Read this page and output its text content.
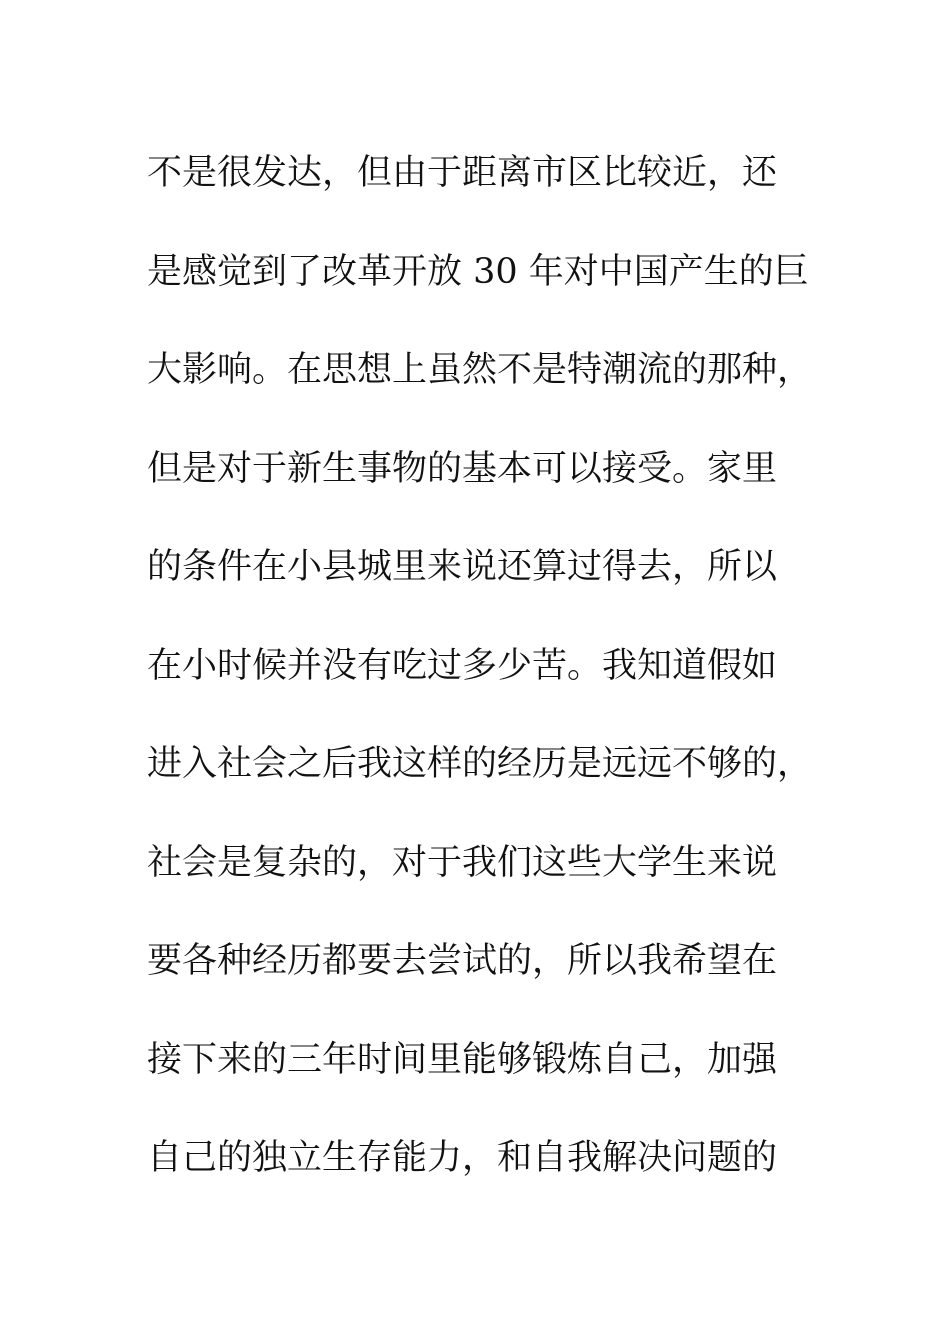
不是很发达，但由于距离市区比较近，还
是感觉到了改革开放 30 年对中国产生的巨
大影响。在思想上虽然不是特潮流的那种，
但是对于新生事物的基本可以接受。家里
的条件在小县城里来说还算过得去，所以
在小时候并没有吃过多少苦。我知道假如
进入社会之后我这样的经历是远远不够的，
社会是复杂的，对于我们这些大学生来说
要各种经历都要去尝试的，所以我希望在
接下来的三年时间里能够锻炼自己，加强
自己的独立生存能力，和自我解决问题的
